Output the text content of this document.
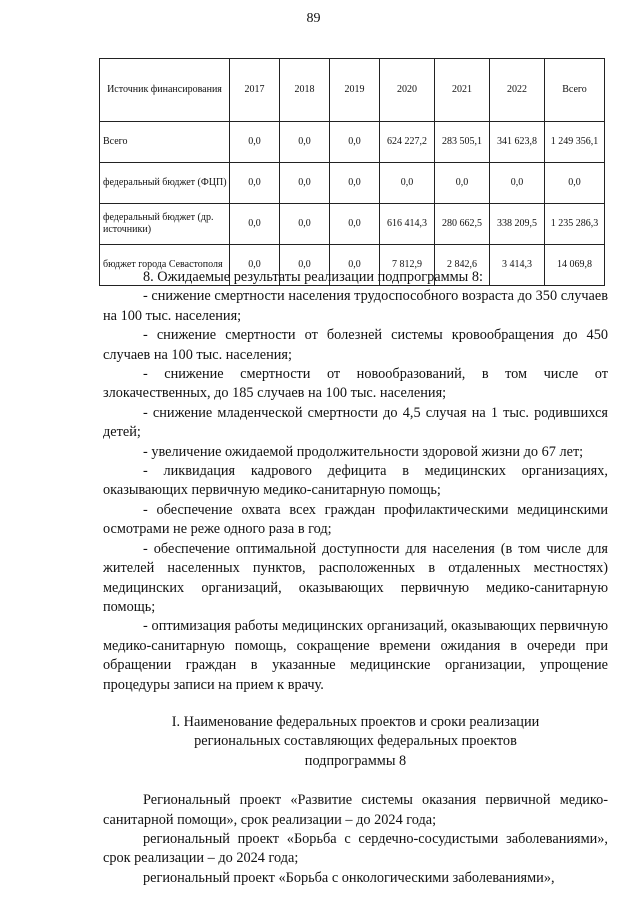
89
Источник финансирования	2017	2018	2019	2020	2021	2022	Всего
Всего	0,0	0,0	0,0	624 227,2	283 505,1	341 623,8	1 249 356,1
федеральный бюджет (ФЦП)	0,0	0,0	0,0	0,0	0,0	0,0	0,0
федеральный бюджет (др. источники)	0,0	0,0	0,0	616 414,3	280 662,5	338 209,5	1 235 286,3
бюджет города Севастополя	0,0	0,0	0,0	7 812,9	2 842,6	3 414,3	14 069,8

8. Ожидаемые результаты реализации подпрограммы 8:

- снижение смертности населения трудоспособного возраста до 350 случаев на 100 тыс. населения;

- снижение смертности от болезней системы кровообращения до 450 случаев на 100 тыс. населения;

- снижение смертности от новообразований, в том числе от злокачественных, до 185 случаев на 100 тыс. населения;

- снижение младенческой смертности до 4,5 случая на 1 тыс. родившихся детей;

- увеличение ожидаемой продолжительности здоровой жизни до 67 лет;

- ликвидация кадрового дефицита в медицинских организациях, оказывающих первичную медико-санитарную помощь;

- обеспечение охвата всех граждан профилактическими медицинскими осмотрами не реже одного раза в год;

- обеспечение оптимальной доступности для населения (в том числе для жителей населенных пунктов, расположенных в отдаленных местностях) медицинских организаций, оказывающих первичную медико-санитарную помощь;

- оптимизация работы медицинских организаций, оказывающих первичную медико-санитарную помощь, сокращение времени ожидания в очереди при обращении граждан в указанные медицинские организации, упрощение процедуры записи на прием к врачу.

I. Наименование федеральных проектов и сроки реализации
региональных составляющих федеральных проектов
подпрограммы 8

Региональный проект «Развитие системы оказания первичной медико-санитарной помощи», срок реализации – до 2024 года;

региональный проект «Борьба с сердечно-сосудистыми заболеваниями», срок реализации – до 2024 года;

региональный проект «Борьба с онкологическими заболеваниями»,
